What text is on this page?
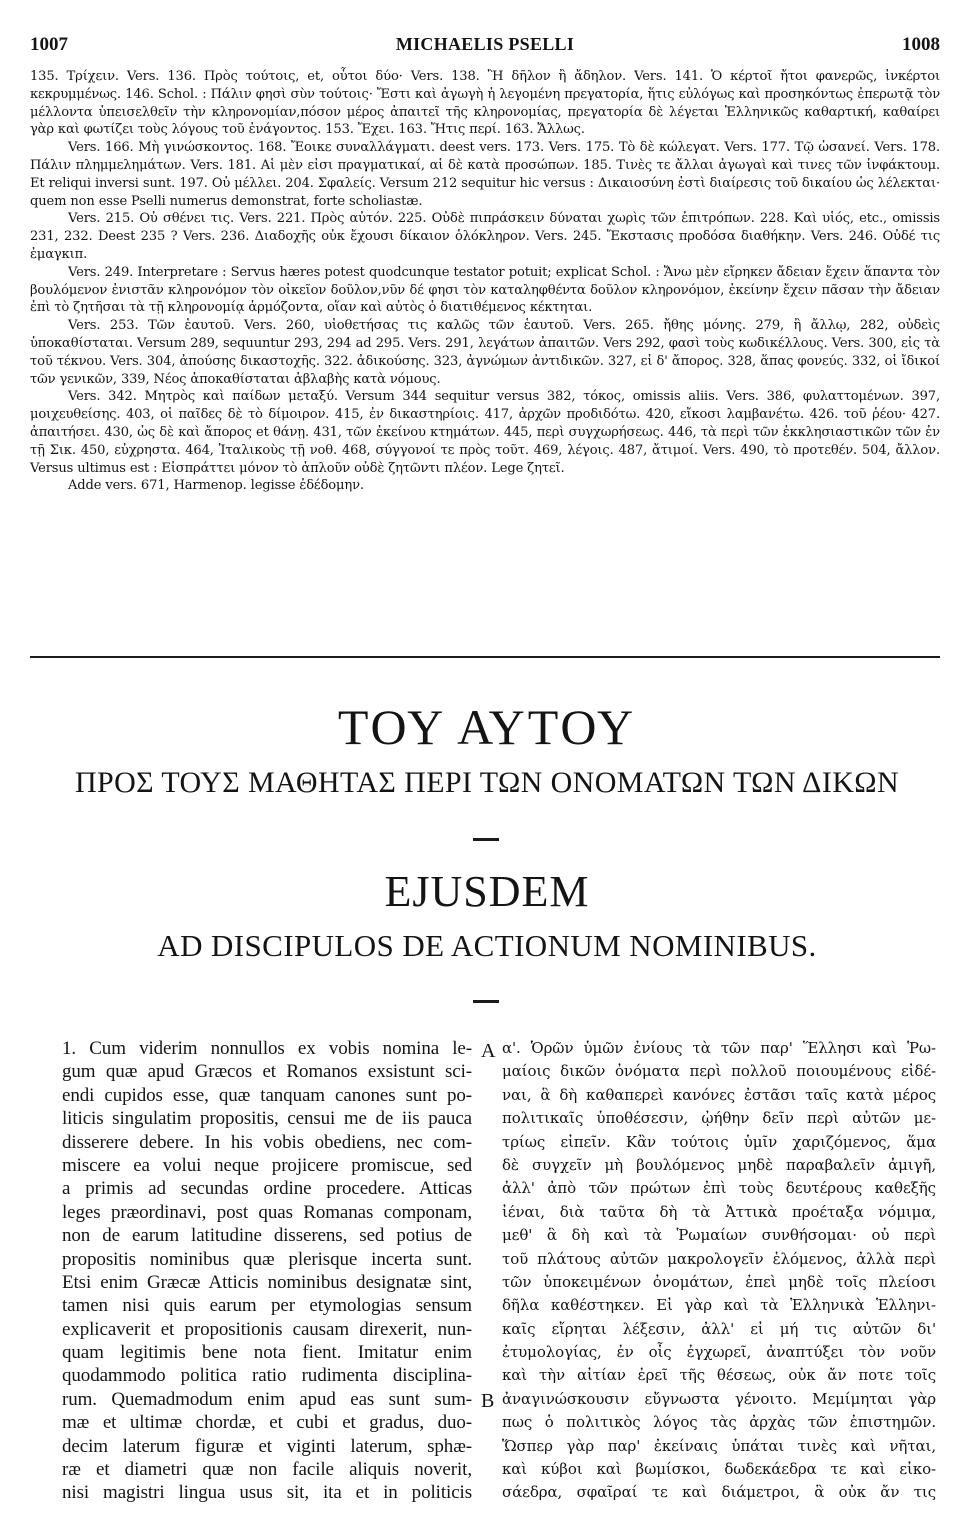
1007	MICHAELIS PSELLI	1008

135. Τρίχειν. Vers. 136. Πρὸς τούτοις, et, οὗτοι δύο· Vers. 138. Ἢ δῆλον ἢ ἄδηλον. Vers. 141. Ὁ κέρτοῖ ἤτοι φανερῶς, ἰνκέρτοι κεκρυμμένως. 146. Schol. : Πάλιν φησὶ σὺν τούτοις· Ἔστι καὶ ἀγωγὴ ἡ λεγομένη πρεγατορία, ἥτις εὐλόγως καὶ προσηκόντως ἐπερωτᾷ τὸν μέλλοντα ὑπεισελθεῖν τὴν κληρονομίαν,πόσον μέρος ἀπαιτεῖ τῆς κληρονομίας, πρεγατορία δὲ λέγεται Ἑλληνικῶς καθαρτική, καθαίρει γὰρ καὶ φωτίζει τοὺς λόγους τοῦ ἐνάγοντος. 153. Ἔχει. 163. Ἤτις περί. 163. Ἄλλως.

Vers. 166. Μὴ γινώσκοντος. 168. Ἔοικε συναλλάγματι. deest vers. 173. Vers. 175. Τὸ δὲ κώλεγατ. Vers. 177. Τῷ ὡσανεί. Vers. 178. Πάλιν πλημμελημάτων. Vers. 181. Αἱ μὲν εἰσι πραγματικαί, αἱ δὲ κατὰ προσώπων. 185. Τινὲς τε ἄλλαι ἀγωγαὶ καὶ τινες τῶν ἰνφάκτουμ. Et reliqui inversi sunt. 197. Οὐ μέλλει. 204. Σφαλείς. Versum 212 sequitur hic versus : Δικαιοσύνη ἐστὶ διαίρεσις τοῦ δικαίου ὡς λέλεκται· quem non esse Pselli numerus demonstrat, forte scholiastæ.

Vers. 215. Οὐ σθένει τις. Vers. 221. Πρὸς αὐτόν. 225. Οὐδὲ πιπράσκειν δύναται χωρὶς τῶν ἐπιτρόπων. 228. Καὶ υἱός, etc., omissis 231, 232. Deest 235 ? Vers. 236. Διαδοχῆς οὐκ ἔχουσι δίκαιον ὁλόκληρον. Vers. 245. Ἔκστασις προδόσα διαθήκην. Vers. 246. Οὐδέ τις ἐμαγκιπ.

Vers. 249. Interpretare : Servus hæres potest quodcunque testator potuit; explicat Schol. : Ἄνω μὲν εἴρηκεν ἄδειαν ἔχειν ἅπαντα τὸν βουλόμενον ἐνιστᾶν κληρονόμον τὸν οἰκεῖον δοῦλον,νῦν δέ φησι τὸν καταληφθέντα δοῦλον κληρονόμον, ἐκείνην ἔχειν πᾶσαν τὴν ἄδειαν ἐπὶ τὸ ζητῆσαι τὰ τῇ κληρονομίᾳ ἁρμόζοντα, οἵαν καὶ αὐτὸς ὁ διατιθέμενος κέκτηται.

Vers. 253. Τῶν ἑαυτοῦ. Vers. 260, υἱοθετήσας τις καλῶς τῶν ἑαυτοῦ. Vers. 265. ἤθης μόνης. 279, ἢ ἄλλῳ, 282, οὐδεὶς ὑποκαθίσταται. Versum 289, sequuntur 293, 294 ad 295. Vers. 291, λεγάτων ἀπαιτῶν. Vers 292, φασὶ τοὺς κωδικέλλους. Vers. 300, εἰς τὰ τοῦ τέκνου. Vers. 304, ἀπούσης δικαστοχῆς. 322. ἀδικούσης. 323, ἀγνώμων ἀντιδικῶν. 327, εἰ δ' ἄπορος. 328, ἅπας φονεύς. 332, οἱ ἴδικοί τῶν γενικῶν, 339, Νέος ἀποκαθίσταται ἀβλαβὴς κατὰ νόμους.

Vers. 342. Μητρὸς καὶ παίδων μεταξύ. Versum 344 sequitur versus 382, τόκος, omissis aliis. Vers. 386, φυλαττομένων. 397, μοιχευθείσης. 403, οἱ παῖδες δὲ τὸ δίμοιρον. 415, ἐν δικαστηρίοις. 417, ἀρχῶν προδιδότω. 420, εἴκοσι λαμβανέτω. 426. τοῦ ῥέου· 427. ἀπαιτήσει. 430, ὡς δὲ καὶ ἄπορος et θάνῃ. 431, τῶν ἐκείνου κτημάτων. 445, περὶ συγχωρήσεως. 446, τὰ περὶ τῶν ἐκκλησιαστικῶν τῶν ἐν τῇ Σικ. 450, εὐχρηστα. 464, Ἰταλικοὺς τῇ νοθ. 468, σύγγονοί τε πρὸς τοῦτ. 469, λέγοις. 487, ἄτιμοί. Vers. 490, τὸ προτεθέν. 504, ἄλλον. Versus ultimus est : Εἰσπράττει μόνον τὸ ἁπλοῦν οὐδὲ ζητῶντι πλέον. Lege ζητεῖ.

Adde vers. 671, Harmenop. legisse ἐδέδομην.

ΤΟΥ ΑΥΤΟΥ
ΠΡΟΣ ΤΟΥΣ ΜΑΘΗΤΑΣ ΠΕΡΙ ΤΩΝ ΟΝΟΜΑΤΩΝ ΤΩΝ ΔΙΚΩΝ
EJUSDEM
AD DISCIPULOS DE ACTIONUM NOMINIBUS.
1. Cum viderim nonnullos ex vobis nomina le-
gum quæ apud Græcos et Romanos exsistunt sci-
endi cupidos esse, quæ tanquam canones sunt po-
liticis singulatim propositis, censui me de iis pauca
disserere debere. In his vobis obediens, nec com-
miscere ea volui neque projicere promiscue, sed
a primis ad secundas ordine procedere. Atticas
leges præordinavi, post quas Romanas componam,
non de earum latitudine disserens, sed potius de
propositis nominibus quæ plerisque incerta sunt.
Etsi enim Græcæ Atticis nominibus designatæ sint,
tamen nisi quis earum per etymologias sensum
explicaverit et propositionis causam direxerit, nun-
quam legitimis bene nota fient. Imitatur enim
quodammodo politica ratio rudimenta disciplina-
rum. Quemadmodum enim apud eas sunt sum-
mæ et ultimæ chordæ, et cubi et gradus, duo-
decim laterum figuræ et viginti laterum, sphæ-
ræ et diametri quæ non facile aliquis noverit,
nisi magistri lingua usus sit, ita et in politicis
A
B
α'. Ὁρῶν ὑμῶν ἐνίους τὰ τῶν παρ' Ἕλλησι καὶ Ῥω-
μαίοις δικῶν ὀνόματα περὶ πολλοῦ ποιουμένους εἰδέ-
ναι, ἃ δὴ καθαπερεὶ κανόνες ἐστᾶσι ταῖς κατὰ μέρος
πολιτικαῖς ὑποθέσεσιν, ᾠήθην δεῖν περὶ αὐτῶν με-
τρίως εἰπεῖν. Κἂν τούτοις ὑμῖν χαριζόμενος, ἅμα
δὲ συγχεῖν μὴ βουλόμενος μηδὲ παραβαλεῖν ἀμιγῆ,
ἀλλ' ἀπὸ τῶν πρώτων ἐπὶ τοὺς δευτέρους καθεξῆς
ἰέναι, διὰ ταῦτα δὴ τὰ Ἀττικὰ προέταξα νόμιμα,
μεθ' ἃ δὴ καὶ τὰ Ῥωμαίων συνθήσομαι· οὐ περὶ
τοῦ πλάτους αὐτῶν μακρολογεῖν ἑλόμενος, ἀλλὰ περὶ
τῶν ὑποκειμένων ὀνομάτων, ἐπεὶ μηδὲ τοῖς πλείοσι
δῆλα καθέστηκεν. Εἰ γὰρ καὶ τὰ Ἑλληνικὰ Ἑλληνι-
καῖς εἴρηται λέξεσιν, ἀλλ' εἰ μή τις αὐτῶν δι'
ἐτυμολογίας, ἐν οἷς ἐγχωρεῖ, ἀναπτύξει τὸν νοῦν
καὶ τὴν αἰτίαν ἐρεῖ τῆς θέσεως, οὐκ ἄν ποτε τοῖς
ἀναγινώσκουσιν εὔγνωστα γένοιτο. Μεμίμηται γὰρ
πως ὁ πολιτικὸς λόγος τὰς ἀρχὰς τῶν ἐπιστημῶν.
Ὥσπερ γὰρ παρ' ἐκείναις ὑπάται τινὲς καὶ νῆται,
καὶ κύβοι καὶ βωμίσκοι, δωδεκάεδρα τε καὶ εἰκο-
σάεδρα, σφαῖραί τε καὶ διάμετροι, ἃ οὐκ ἄν τις
